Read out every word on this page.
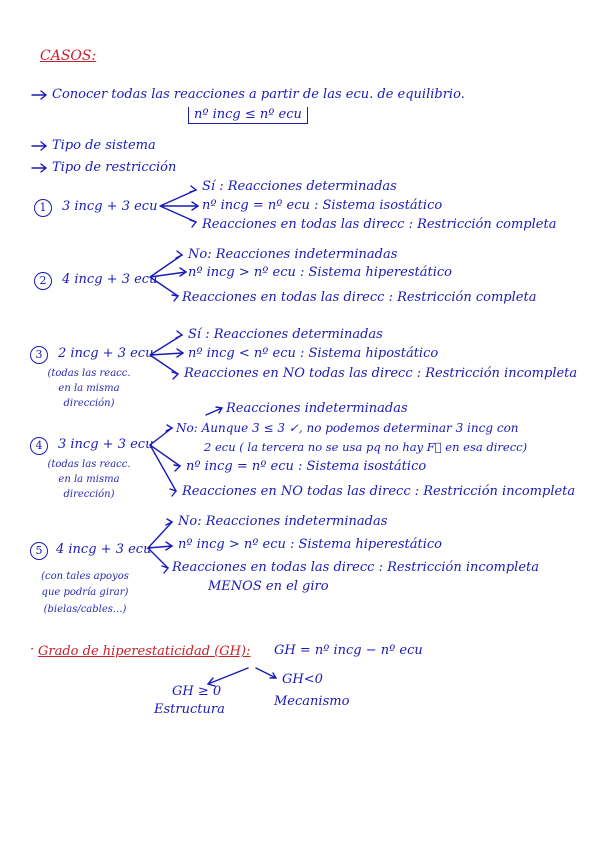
CASOS:
Conocer todas las reacciones a partir de las ecu. de equilibrio.
nº incg ≤ nº ecu
Tipo de sistema
Tipo de restricción
1	3 incg + 3 ecu
Sí : Reacciones determinadas
nº incg = nº ecu : Sistema isostático
Reacciones en todas las direcc : Restricción completa
2	4 incg + 3 ecu
No: Reacciones indeterminadas
nº incg > nº ecu : Sistema hiperestático
Reacciones en todas las direcc : Restricción completa
3	2 incg + 3 ecu
(todas las reacc.
en la misma
dirección)
Sí : Reacciones determinadas
nº incg < nº ecu : Sistema hipostático
Reacciones en NO todas las direcc : Restricción incompleta
4	3 incg + 3 ecu
(todas las reacc.
en la misma
dirección)
Reacciones indeterminadas
No: Aunque 3 ≤ 3 ✓, no podemos determinar 3 incg con
2 ecu ( la tercera no se usa pq no hay F⃗ en esa direcc)
nº incg = nº ecu : Sistema isostático
Reacciones en NO todas las direcc : Restricción incompleta
5	4 incg + 3 ecu
(con tales apoyos
que podría girar)
(bielas/cables...)
No: Reacciones indeterminadas
nº incg > nº ecu : Sistema hiperestático
Reacciones en todas las direcc : Restricción incompleta
MENOS en el giro
· Grado de hiperestaticidad (GH): GH = nº incg − nº ecu
GH ≥ 0
Estructura
GH<0
Mecanismo
